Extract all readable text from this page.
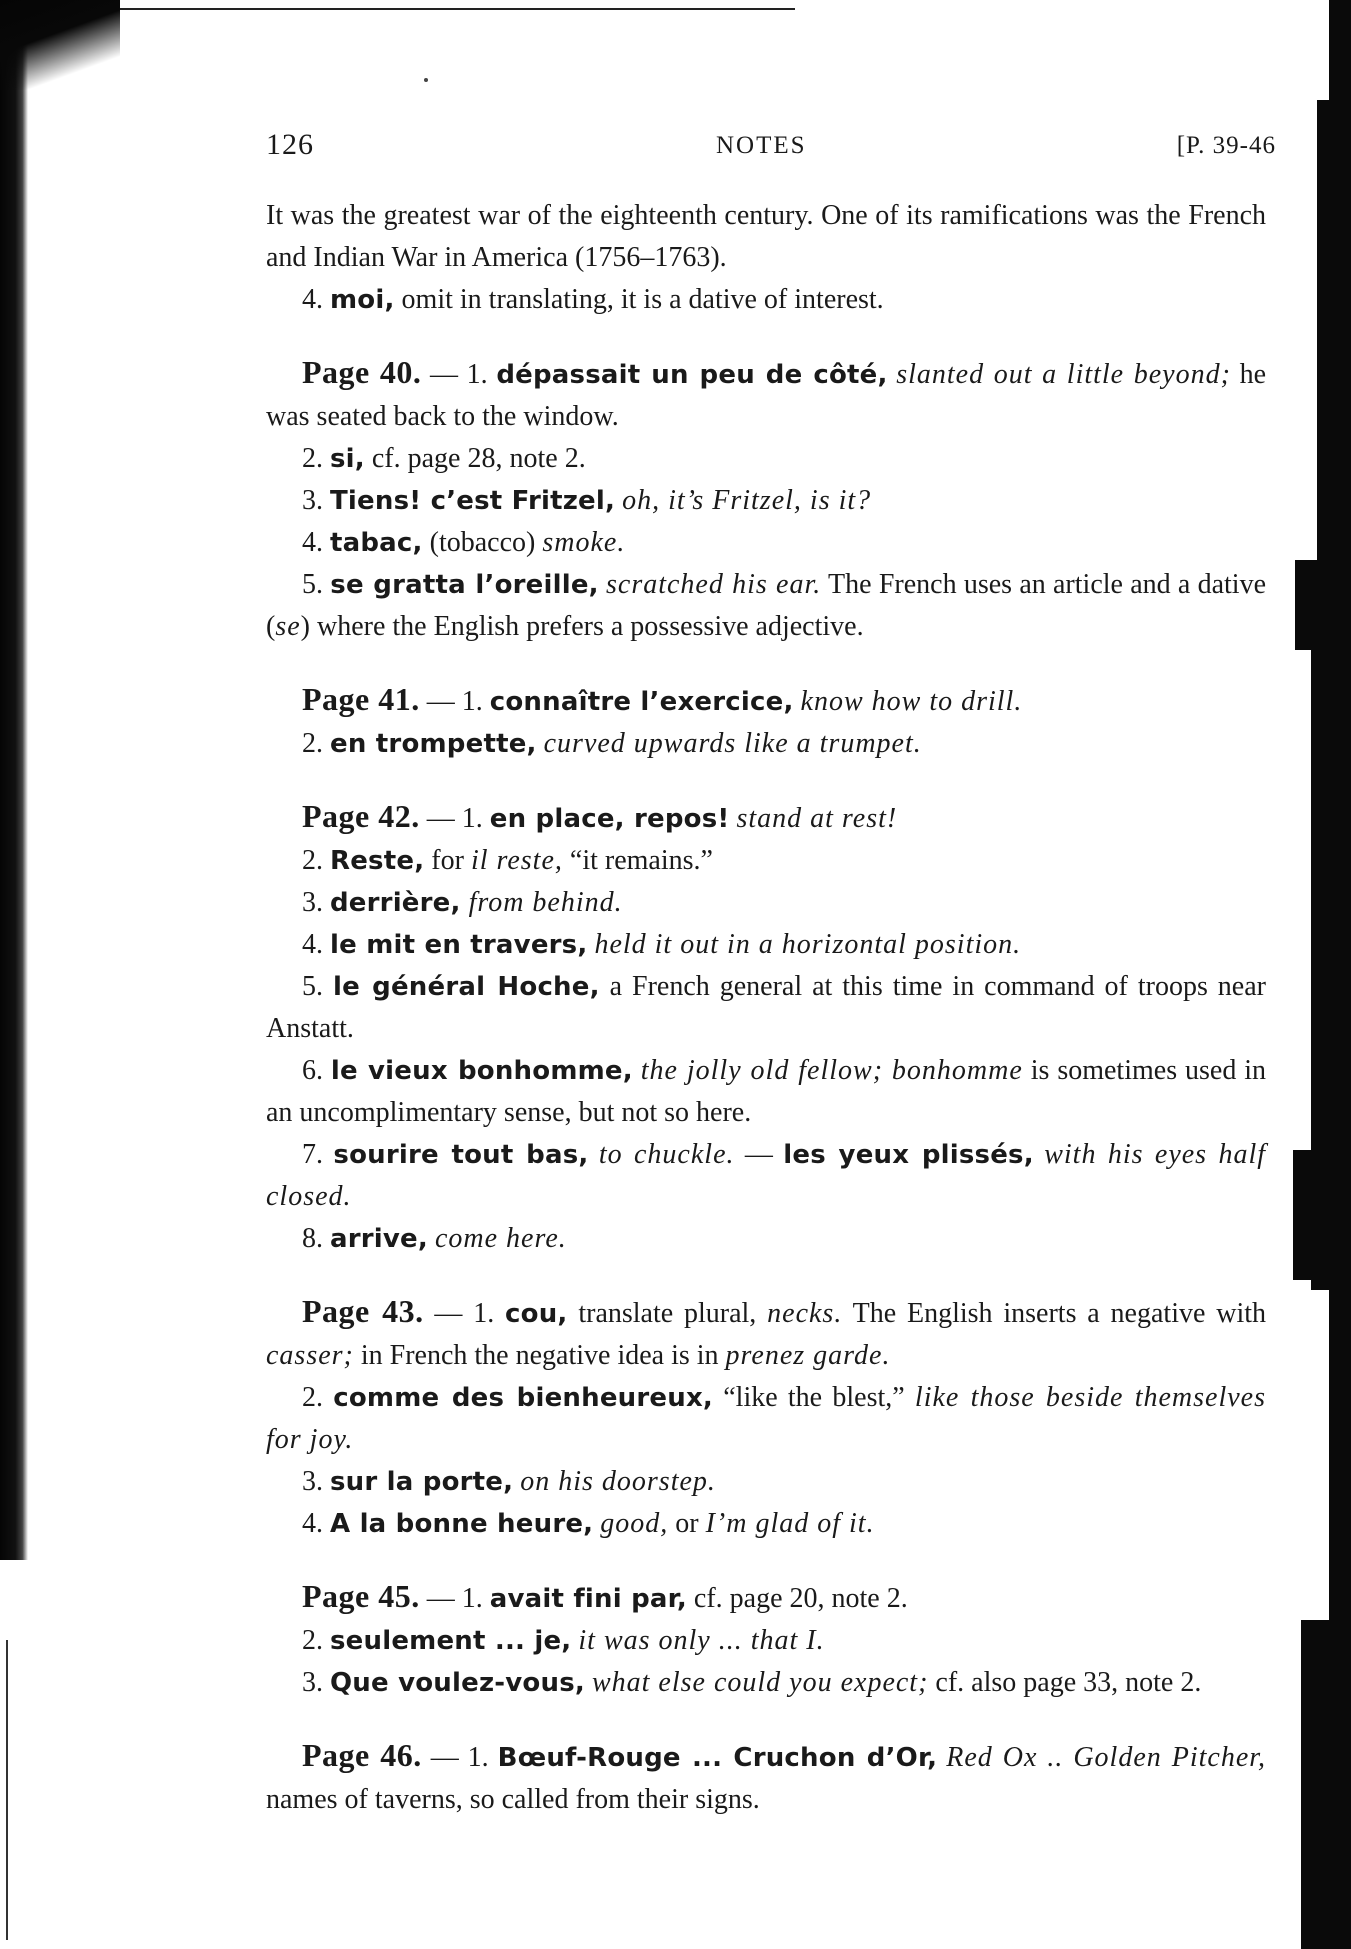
126	NOTES	[P. 39-46

It was the greatest war of the eighteenth century. One of its ramifications was the French and Indian War in America (1756–1763).

4. moi, omit in translating, it is a dative of interest.

Page 40. — 1. dépassait un peu de côté, slanted out a little beyond; he was seated back to the window.

2. si, cf. page 28, note 2.

3. Tiens! c’est Fritzel, oh, it’s Fritzel, is it?

4. tabac, (tobacco) smoke.

5. se gratta l’oreille, scratched his ear. The French uses an article and a dative (se) where the English prefers a possessive adjective.

Page 41. — 1. connaître l’exercice, know how to drill.

2. en trompette, curved upwards like a trumpet.

Page 42. — 1. en place, repos! stand at rest!

2. Reste, for il reste, “it remains.”

3. derrière, from behind.

4. le mit en travers, held it out in a horizontal position.

5. le général Hoche, a French general at this time in command of troops near Anstatt.

6. le vieux bonhomme, the jolly old fellow; bonhomme is sometimes used in an uncomplimentary sense, but not so here.

7. sourire tout bas, to chuckle. — les yeux plissés, with his eyes half closed.

8. arrive, come here.

Page 43. — 1. cou, translate plural, necks. The English inserts a negative with casser; in French the negative idea is in prenez garde.

2. comme des bienheureux, “like the blest,” like those beside themselves for joy.

3. sur la porte, on his doorstep.

4. A la bonne heure, good, or I’m glad of it.

Page 45. — 1. avait fini par, cf. page 20, note 2.

2. seulement ... je, it was only ... that I.

3. Que voulez-vous, what else could you expect; cf. also page 33, note 2.

Page 46. — 1. Bœuf-Rouge ... Cruchon d’Or, Red Ox .. Golden Pitcher, names of taverns, so called from their signs.
